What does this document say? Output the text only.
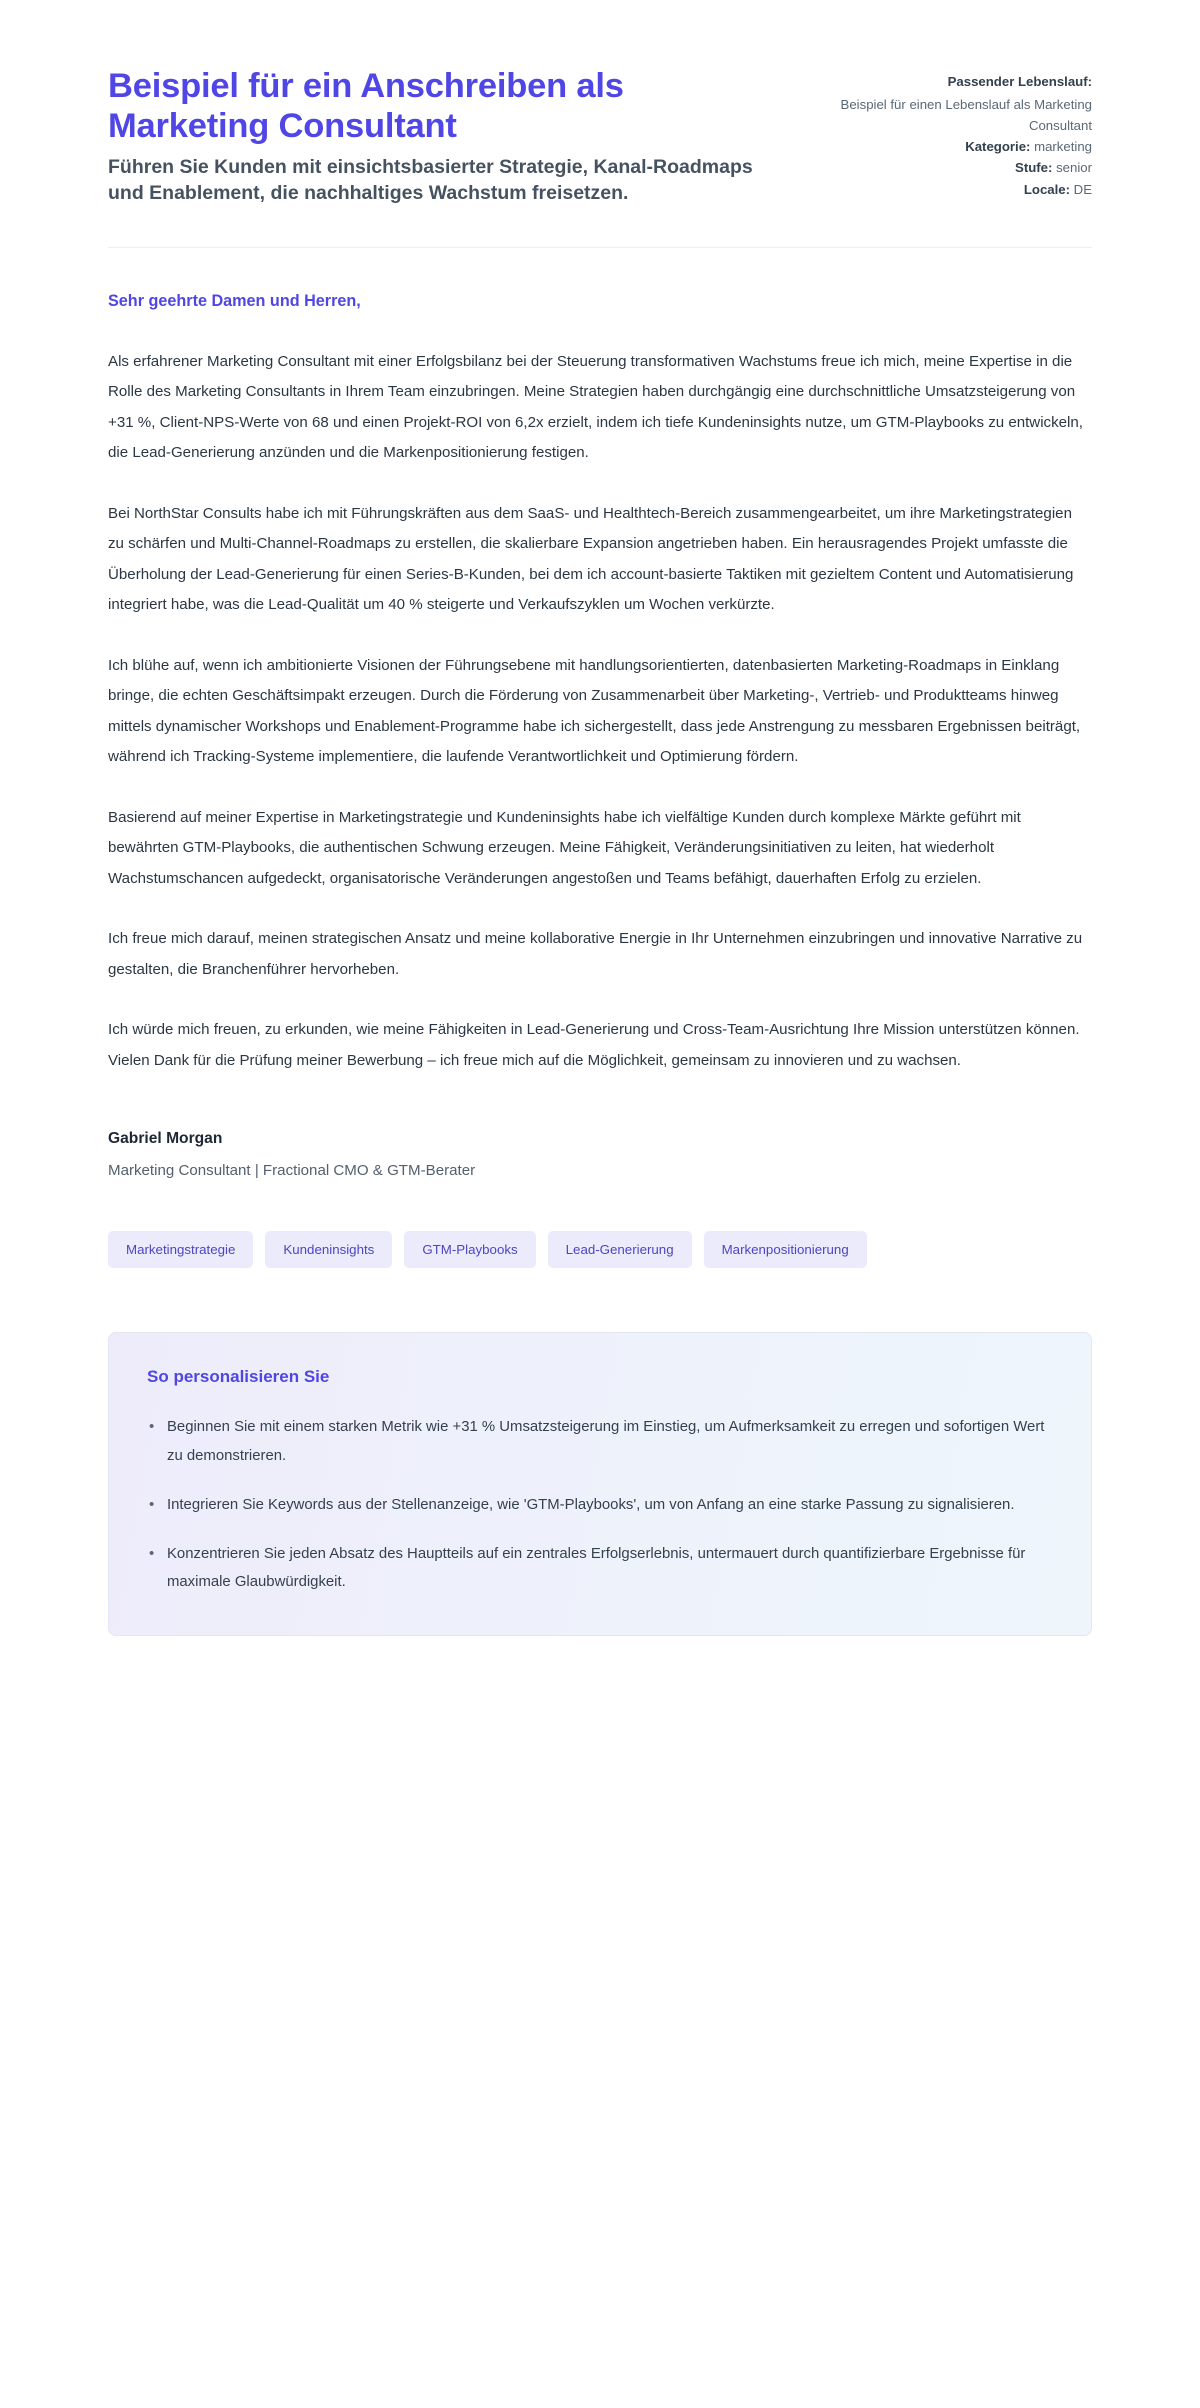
Beispiel für ein Anschreiben als Marketing Consultant

Führen Sie Kunden mit einsichtsbasierter Strategie, Kanal-Roadmaps und Enablement, die nachhaltiges Wachstum freisetzen.

Passender Lebenslauf:
Beispiel für einen Lebenslauf als Marketing Consultant
Kategorie: marketing
Stufe: senior
Locale: DE

Sehr geehrte Damen und Herren,

Als erfahrener Marketing Consultant mit einer Erfolgsbilanz bei der Steuerung transformativen Wachstums freue ich mich, meine Expertise in die Rolle des Marketing Consultants in Ihrem Team einzubringen. Meine Strategien haben durchgängig eine durchschnittliche Umsatzsteigerung von +31 %, Client-NPS-Werte von 68 und einen Projekt-ROI von 6,2x erzielt, indem ich tiefe Kundeninsights nutze, um GTM-Playbooks zu entwickeln, die Lead-Generierung anzünden und die Markenpositionierung festigen.

Bei NorthStar Consults habe ich mit Führungskräften aus dem SaaS- und Healthtech-Bereich zusammengearbeitet, um ihre Marketingstrategien zu schärfen und Multi-Channel-Roadmaps zu erstellen, die skalierbare Expansion angetrieben haben. Ein herausragendes Projekt umfasste die Überholung der Lead-Generierung für einen Series-B-Kunden, bei dem ich account-basierte Taktiken mit gezieltem Content und Automatisierung integriert habe, was die Lead-Qualität um 40 % steigerte und Verkaufszyklen um Wochen verkürzte.

Ich blühe auf, wenn ich ambitionierte Visionen der Führungsebene mit handlungsorientierten, datenbasierten Marketing-Roadmaps in Einklang bringe, die echten Geschäftsimpakt erzeugen. Durch die Förderung von Zusammenarbeit über Marketing-, Vertrieb- und Produktteams hinweg mittels dynamischer Workshops und Enablement-Programme habe ich sichergestellt, dass jede Anstrengung zu messbaren Ergebnissen beiträgt, während ich Tracking-Systeme implementiere, die laufende Verantwortlichkeit und Optimierung fördern.

Basierend auf meiner Expertise in Marketingstrategie und Kundeninsights habe ich vielfältige Kunden durch komplexe Märkte geführt mit bewährten GTM-Playbooks, die authentischen Schwung erzeugen. Meine Fähigkeit, Veränderungsinitiativen zu leiten, hat wiederholt Wachstumschancen aufgedeckt, organisatorische Veränderungen angestoßen und Teams befähigt, dauerhaften Erfolg zu erzielen.

Ich freue mich darauf, meinen strategischen Ansatz und meine kollaborative Energie in Ihr Unternehmen einzubringen und innovative Narrative zu gestalten, die Branchenführer hervorheben.

Ich würde mich freuen, zu erkunden, wie meine Fähigkeiten in Lead-Generierung und Cross-Team-Ausrichtung Ihre Mission unterstützen können. Vielen Dank für die Prüfung meiner Bewerbung – ich freue mich auf die Möglichkeit, gemeinsam zu innovieren und zu wachsen.

Gabriel Morgan
Marketing Consultant | Fractional CMO & GTM-Berater
Marketingstrategie	Kundeninsights	GTM-Playbooks	Lead-Generierung	Markenpositionierung
So personalisieren Sie
• Beginnen Sie mit einem starken Metrik wie +31 % Umsatzsteigerung im Einstieg, um Aufmerksamkeit zu erregen und sofortigen Wert zu demonstrieren.
• Integrieren Sie Keywords aus der Stellenanzeige, wie 'GTM-Playbooks', um von Anfang an eine starke Passung zu signalisieren.
• Konzentrieren Sie jeden Absatz des Hauptteils auf ein zentrales Erfolgserlebnis, untermauert durch quantifizierbare Ergebnisse für maximale Glaubwürdigkeit.
